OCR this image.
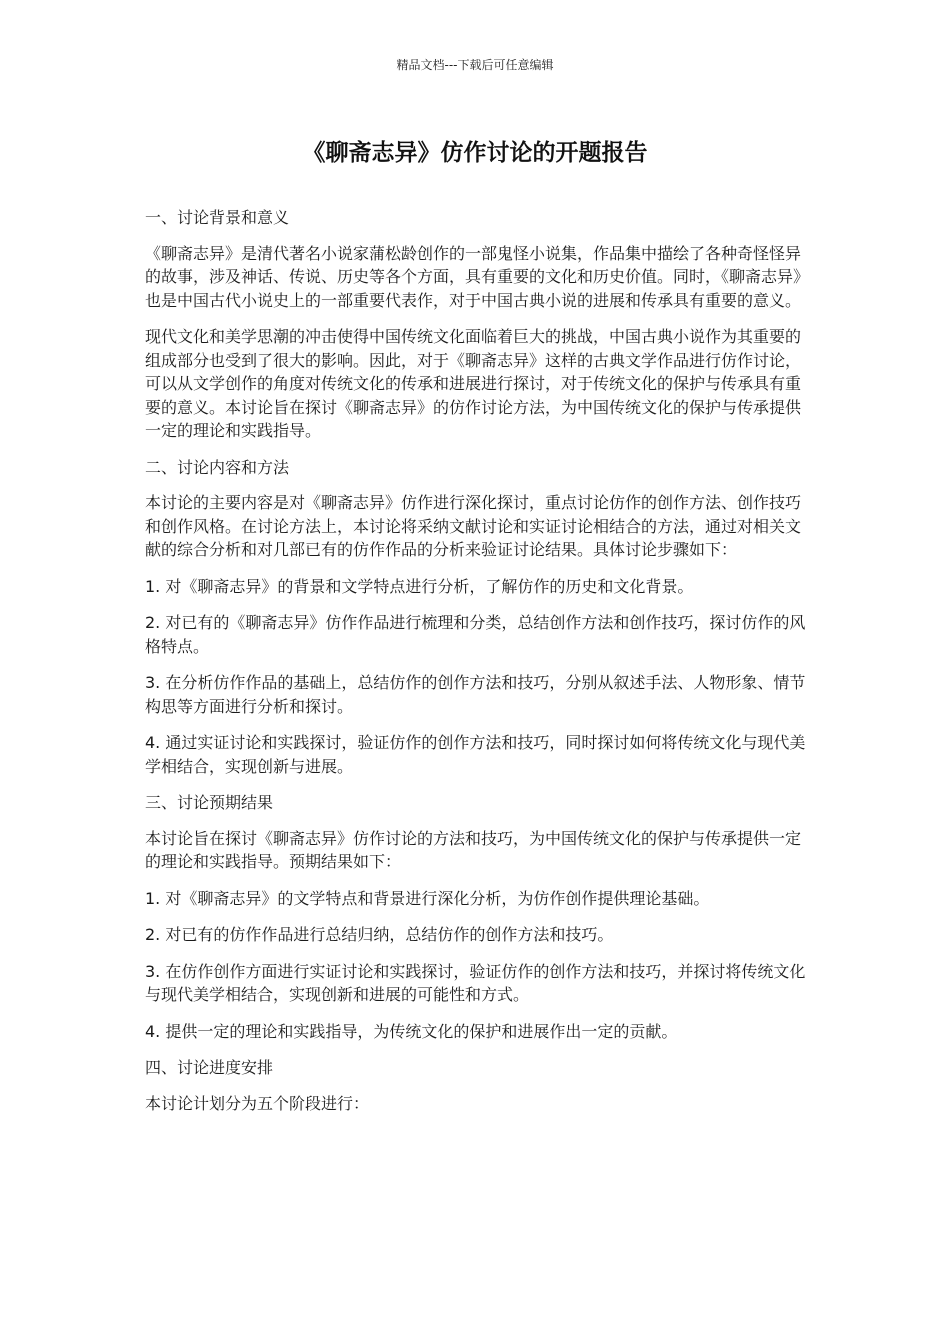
精品文档---下载后可任意编辑
《聊斋志异》仿作讨论的开题报告

一、讨论背景和意义

《聊斋志异》是清代著名小说家蒲松龄创作的一部鬼怪小说集，作品集中描绘了各种奇怪怪异的故事，涉及神话、传说、历史等各个方面，具有重要的文化和历史价值。同时，《聊斋志异》也是中国古代小说史上的一部重要代表作，对于中国古典小说的进展和传承具有重要的意义。

现代文化和美学思潮的冲击使得中国传统文化面临着巨大的挑战，中国古典小说作为其重要的组成部分也受到了很大的影响。因此，对于《聊斋志异》这样的古典文学作品进行仿作讨论，可以从文学创作的角度对传统文化的传承和进展进行探讨，对于传统文化的保护与传承具有重要的意义。本讨论旨在探讨《聊斋志异》的仿作讨论方法，为中国传统文化的保护与传承提供一定的理论和实践指导。

二、讨论内容和方法

本讨论的主要内容是对《聊斋志异》仿作进行深化探讨，重点讨论仿作的创作方法、创作技巧和创作风格。在讨论方法上，本讨论将采纳文献讨论和实证讨论相结合的方法，通过对相关文献的综合分析和对几部已有的仿作作品的分析来验证讨论结果。具体讨论步骤如下：

1. 对《聊斋志异》的背景和文学特点进行分析，了解仿作的历史和文化背景。

2. 对已有的《聊斋志异》仿作作品进行梳理和分类，总结创作方法和创作技巧，探讨仿作的风格特点。

3. 在分析仿作作品的基础上，总结仿作的创作方法和技巧，分别从叙述手法、人物形象、情节构思等方面进行分析和探讨。

4. 通过实证讨论和实践探讨，验证仿作的创作方法和技巧，同时探讨如何将传统文化与现代美学相结合，实现创新与进展。

三、讨论预期结果

本讨论旨在探讨《聊斋志异》仿作讨论的方法和技巧，为中国传统文化的保护与传承提供一定的理论和实践指导。预期结果如下：

1. 对《聊斋志异》的文学特点和背景进行深化分析，为仿作创作提供理论基础。

2. 对已有的仿作作品进行总结归纳，总结仿作的创作方法和技巧。

3. 在仿作创作方面进行实证讨论和实践探讨，验证仿作的创作方法和技巧，并探讨将传统文化与现代美学相结合，实现创新和进展的可能性和方式。

4. 提供一定的理论和实践指导，为传统文化的保护和进展作出一定的贡献。

四、讨论进度安排

本讨论计划分为五个阶段进行：
